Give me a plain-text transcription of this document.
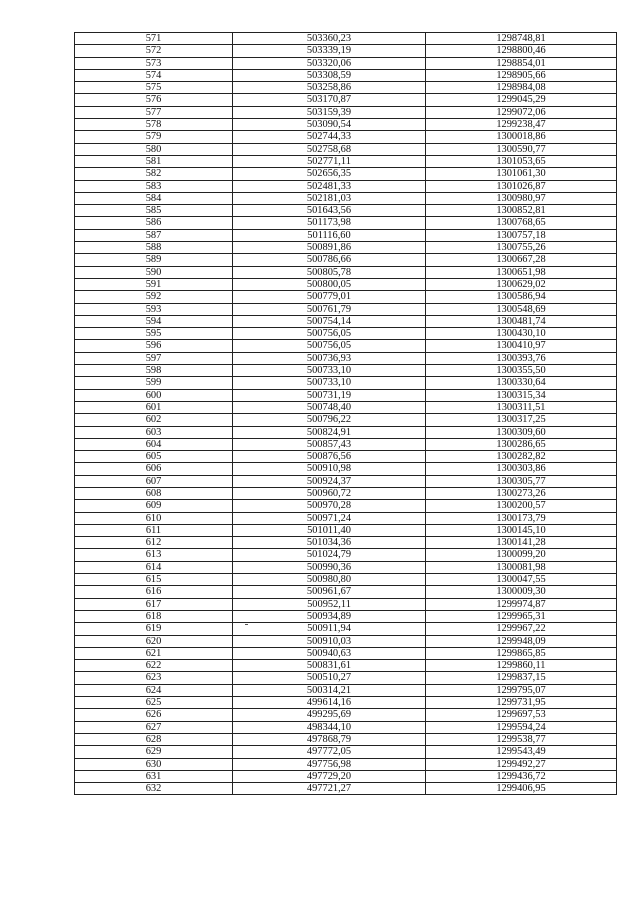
571	503360,23	1298748,81
572	503339,19	1298800,46
573	503320,06	1298854,01
574	503308,59	1298905,66
575	503258,86	1298984,08
576	503170,87	1299045,29
577	503159,39	1299072,06
578	503090,54	1299238,47
579	502744,33	1300018,86
580	502758,68	1300590,77
581	502771,11	1301053,65
582	502656,35	1301061,30
583	502481,33	1301026,87
584	502181,03	1300980,97
585	501643,56	1300852,81
586	501173,98	1300768,65
587	501116,60	1300757,18
588	500891,86	1300755,26
589	500786,66	1300667,28
590	500805,78	1300651,98
591	500800,05	1300629,02
592	500779,01	1300586,94
593	500761,79	1300548,69
594	500754,14	1300481,74
595	500756,05	1300430,10
596	500756,05	1300410,97
597	500736,93	1300393,76
598	500733,10	1300355,50
599	500733,10	1300330,64
600	500731,19	1300315,34
601	500748,40	1300311,51
602	500796,22	1300317,25
603	500824,91	1300309,60
604	500857,43	1300286,65
605	500876,56	1300282,82
606	500910,98	1300303,86
607	500924,37	1300305,77
608	500960,72	1300273,26
609	500970,28	1300200,57
610	500971,24	1300173,79
611	501011,40	1300145,10
612	501034,36	1300141,28
613	501024,79	1300099,20
614	500990,36	1300081,98
615	500980,80	1300047,55
616	500961,67	1300009,30
617	500952,11	1299974,87
618	500934,89	1299965,31
619	500911,94	1299967,22
620	500910,03	1299948,09
621	500940,63	1299865,85
622	500831,61	1299860,11
623	500510,27	1299837,15
624	500314,21	1299795,07
625	499614,16	1299731,95
626	499295,69	1299697,53
627	498344,10	1299594,24
628	497868,79	1299538,77
629	497772,05	1299543,49
630	497756,98	1299492,27
631	497729,20	1299436,72
632	497721,27	1299406,95
